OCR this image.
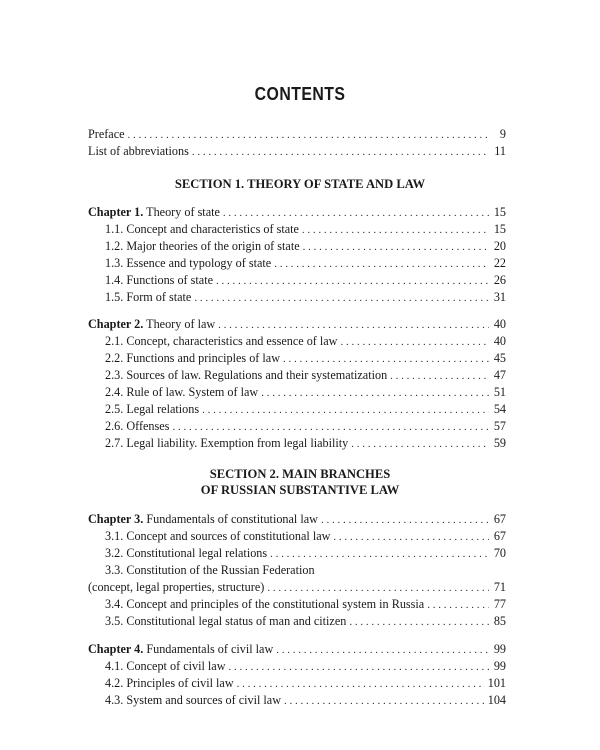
CONTENTS
Preface . . .	9
List of abbreviations . . .	11
SECTION 1. THEORY OF STATE AND LAW
Chapter 1. Theory of state . . .	15
1.1. Concept and characteristics of state . . .	15
1.2. Major theories of the origin of state . . .	20
1.3. Essence and typology of state . . .	22
1.4. Functions of state . . .	26
1.5. Form of state . . .	31
Chapter 2. Theory of law . . .	40
2.1. Concept, characteristics and essence of law . . .	40
2.2. Functions and principles of law . . .	45
2.3. Sources of law. Regulations and their systematization . . .	47
2.4. Rule of law. System of law . . .	51
2.5. Legal relations . . .	54
2.6. Offenses . . .	57
2.7. Legal liability. Exemption from legal liability . . .	59
SECTION 2. MAIN BRANCHES
OF RUSSIAN SUBSTANTIVE LAW
Chapter 3. Fundamentals of constitutional law . . .	67
3.1. Concept and sources of constitutional law . . .	67
3.2. Constitutional legal relations . . .	70
3.3. Constitution of the Russian Federation
(concept, legal properties, structure) . . .	71
3.4. Concept and principles of the constitutional system in Russia . . .	77
3.5. Constitutional legal status of man and citizen . . .	85
Chapter 4. Fundamentals of civil law . . .	99
4.1. Concept of civil law . . .	99
4.2. Principles of civil law . . .	101
4.3. System and sources of civil law . . .	104
